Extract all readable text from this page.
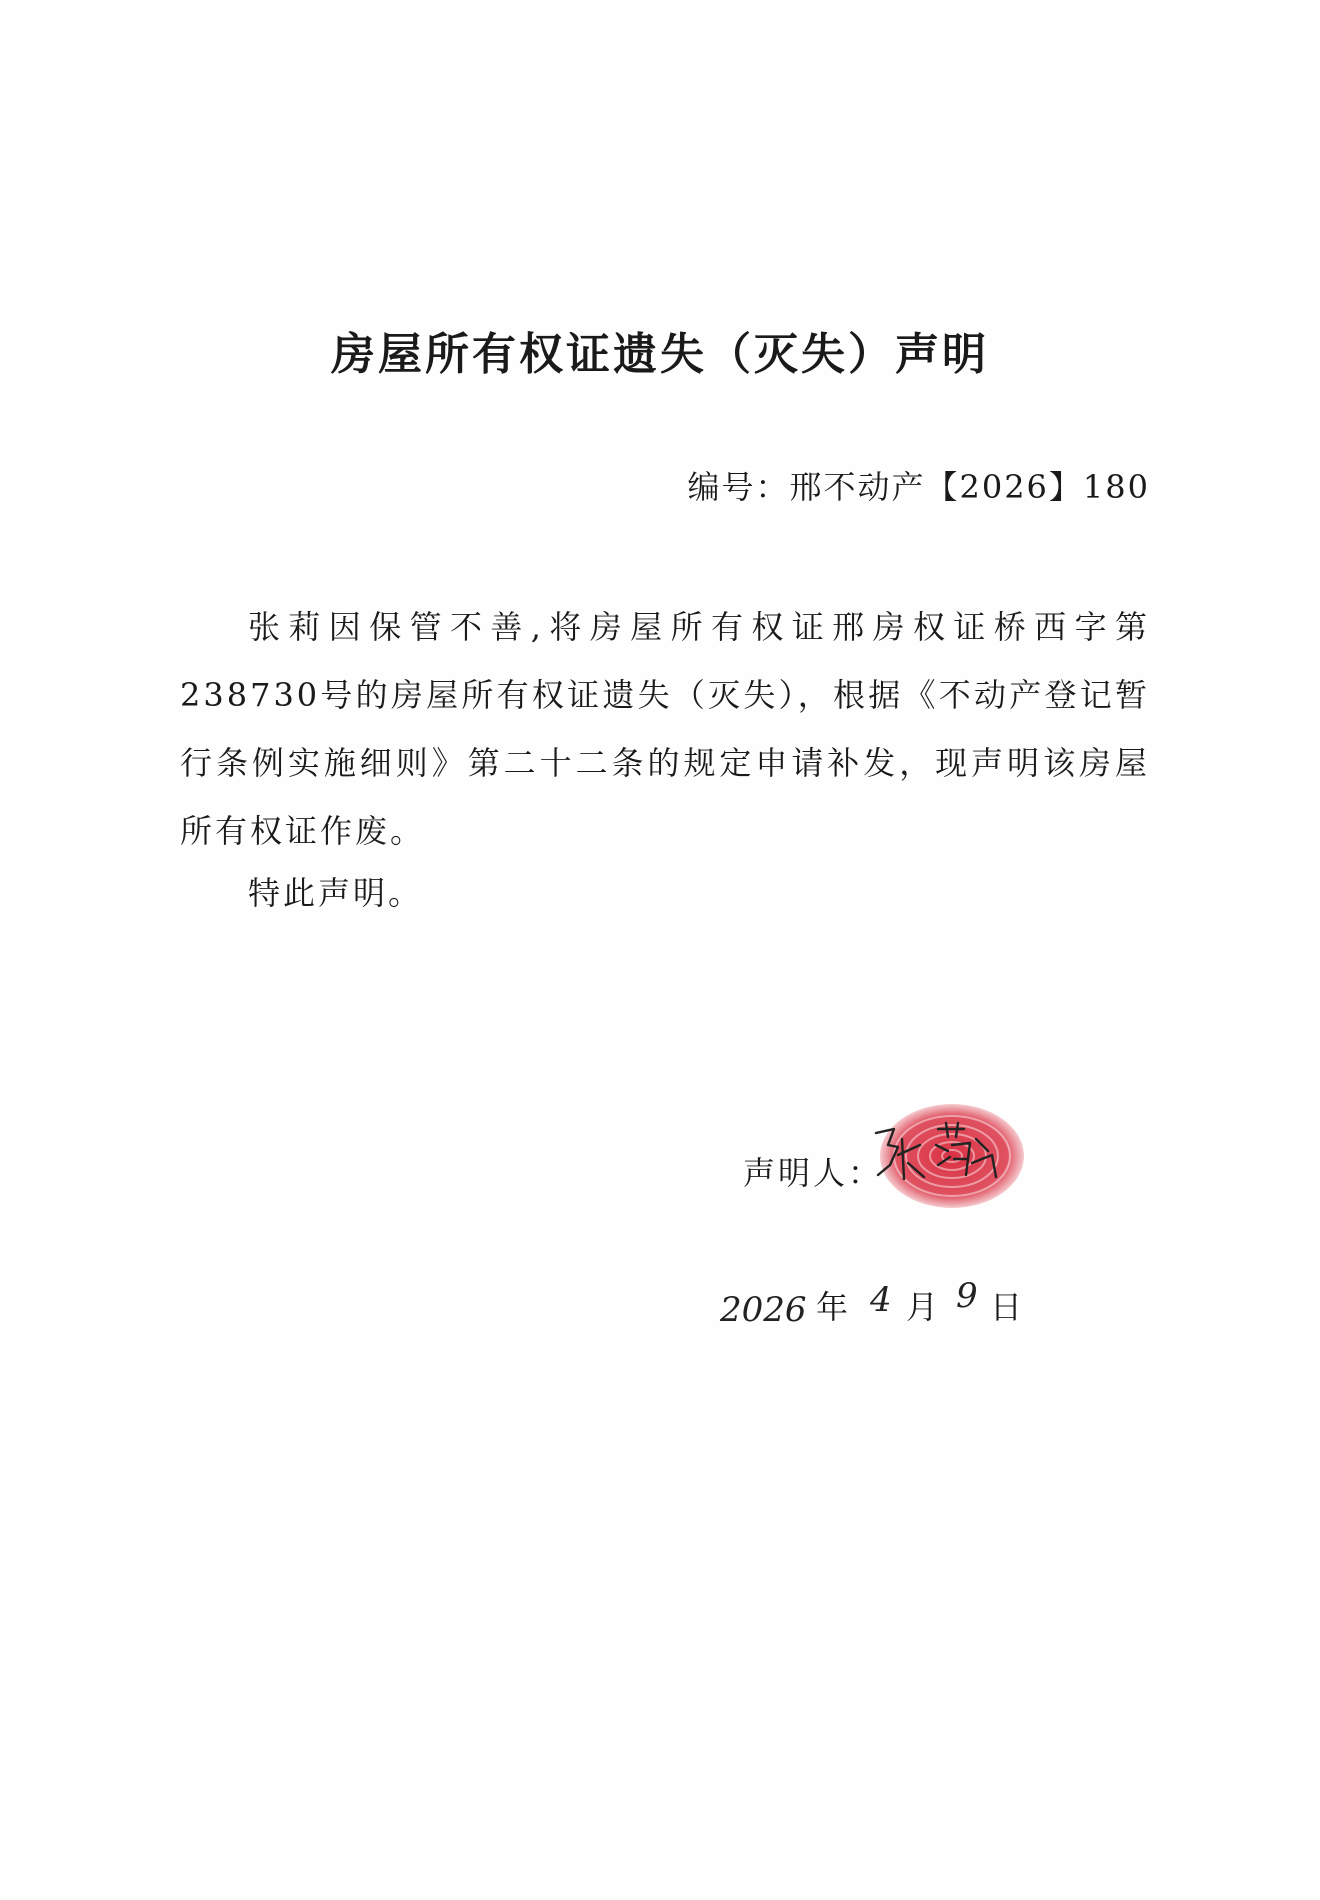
房屋所有权证遗失（灭失）声明
编号：邢不动产【2026】180

张莉因保管不善,将房屋所有权证邢房权证桥西字第238730号的房屋所有权证遗失（灭失），根据《不动产登记暂行条例实施细则》第二十二条的规定申请补发，现声明该房屋所有权证作废。

特此声明。
声明人：
2026 年 4 月 9 日
